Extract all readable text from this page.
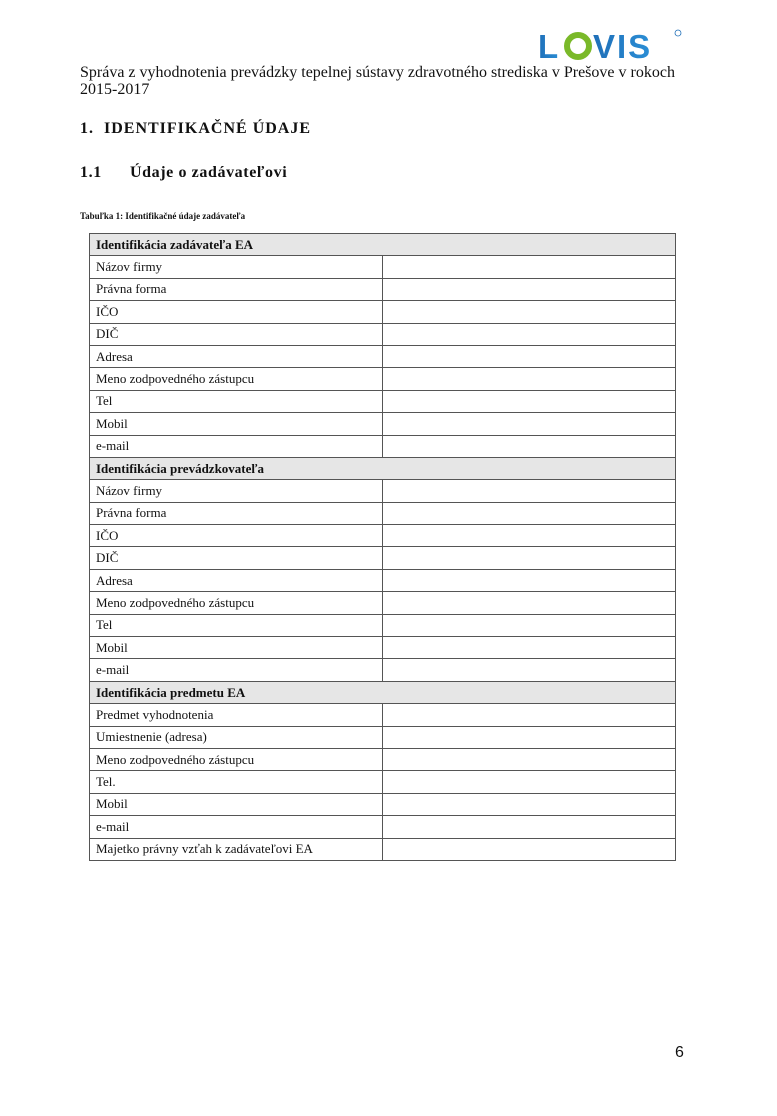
L VIS
Správa z vyhodnotenia prevádzky tepelnej sústavy zdravotného strediska v Prešove v rokoch 2015-2017
1. IDENTIFIKAČNÉ ÚDAJE
1.1 Údaje o zadávateľovi
Tabuľka 1: Identifikačné údaje zadávateľa
Identifikácia zadávateľa EA	
Názov firmy	
Právna forma	
IČO	
DIČ	
Adresa	
Meno zodpovedného zástupcu	
Tel	
Mobil	
e-mail	
Identifikácia prevádzkovateľa	
Názov firmy	
Právna forma	
IČO	
DIČ	
Adresa	
Meno zodpovedného zástupcu	
Tel	
Mobil	
e-mail	
Identifikácia predmetu EA	
Predmet vyhodnotenia	
Umiestnenie (adresa)	
Meno zodpovedného zástupcu	
Tel.	
Mobil	
e-mail	
Majetko právny vzťah k zadávateľovi EA	
6
